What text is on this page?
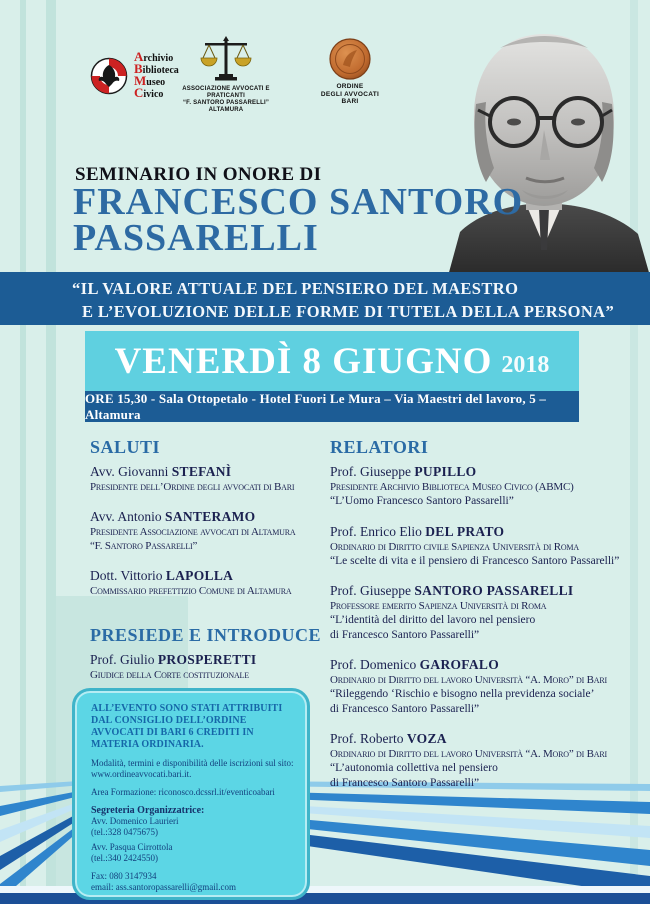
Archivio
Biblioteca
Museo
Civico	ASSOCIAZIONE AVVOCATI E PRATICANTI
“F. SANTORO PASSARELLI”
ALTAMURA
ORDINE
DEGLI AVVOCATI
BARI
SEMINARIO IN ONORE DI
FRANCESCO SANTORO
PASSARELLI
“IL VALORE ATTUALE DEL PENSIERO DEL MAESTRO
E L’EVOLUZIONE DELLE FORME DI TUTELA DELLA PERSONA”
VENERDÌ 8 GIUGNO 2018
ORE 15,30 - Sala Ottopetalo - Hotel Fuori Le Mura – Via Maestri del lavoro, 5 – Altamura

SALUTI

Avv. Giovanni STEFANÌ
Presidente dell’Ordine degli avvocati di Bari
Avv. Antonio SANTERAMO
Presidente Associazione avvocati di Altamura
“F. Santoro Passarelli”
Dott. Vittorio LAPOLLA
Commissario prefettizio Comune di Altamura

PRESIEDE E INTRODUCE

Prof. Giulio PROSPERETTI
Giudice della Corte costituzionale

RELATORI

Prof. Giuseppe PUPILLO
Presidente Archivio Biblioteca Museo Civico (ABMC)
“L’Uomo Francesco Santoro Passarelli”
Prof. Enrico Elio DEL PRATO
Ordinario di Diritto civile Sapienza Università di Roma
“Le scelte di vita e il pensiero di Francesco Santoro Passarelli”
Prof. Giuseppe SANTORO PASSARELLI
Professore emerito Sapienza Università di Roma
“L’identità del diritto del lavoro nel pensiero
di Francesco Santoro Passarelli”
Prof. Domenico GAROFALO
Ordinario di Diritto del lavoro Università “A. Moro” di Bari
“Rileggendo ‘Rischio e bisogno nella previdenza sociale’
di Francesco Santoro Passarelli”
Prof. Roberto VOZA
Ordinario di Diritto del lavoro Università “A. Moro” di Bari
“L’autonomia collettiva nel pensiero
di Francesco Santoro Passarelli”

ALL’EVENTO SONO STATI ATTRIBUITI DAL CONSIGLIO DELL’ORDINE AVVOCATI DI BARI 6 CREDITI IN MATERIA ORDINARIA.

Modalità, termini e disponibilità delle iscrizioni sul sito:

www.ordineavvocati.bari.it.

Area Formazione: riconosco.dcssrl.it/eventicoabari

Segreteria Organizzatrice:

Avv. Domenico Laurieri

(tel.:328 0475675)

Avv. Pasqua Cirrottola

(tel.:340 2424550)

Fax: 080 3147934

email: ass.santoropassarelli@gmail.com
